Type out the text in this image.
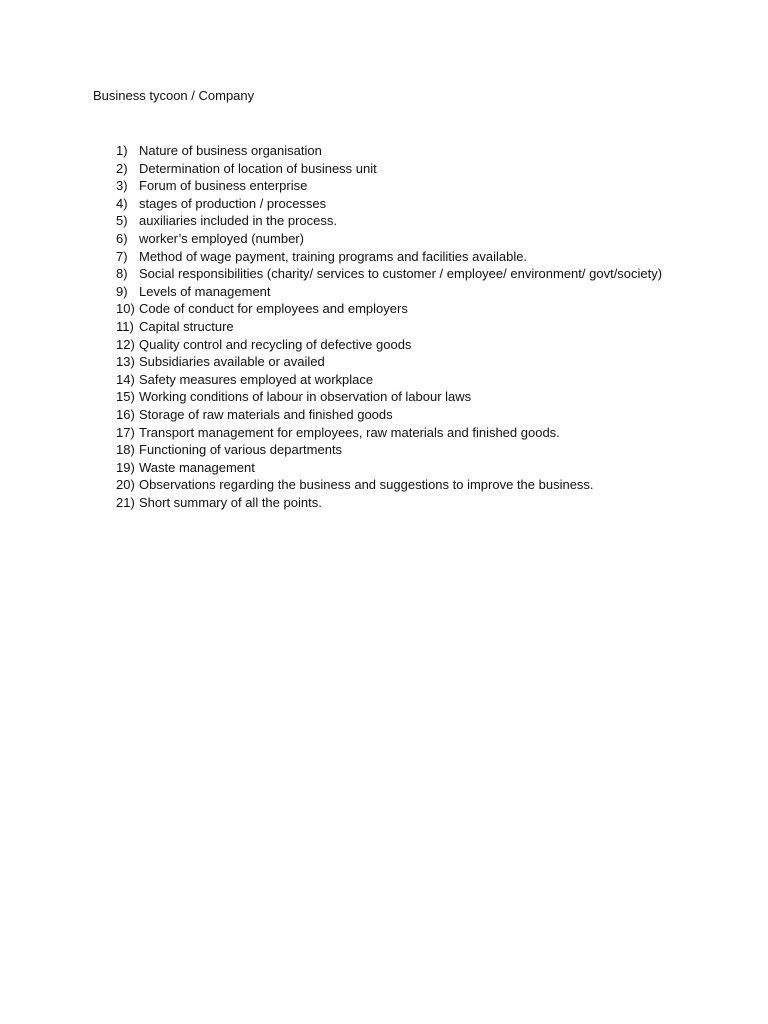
Business tycoon / Company
1) Nature of business organisation
2) Determination of location of business unit
3) Forum of business enterprise
4) stages of production / processes
5) auxiliaries included in the process.
6) worker’s employed (number)
7) Method of wage payment, training programs and facilities available.
8) Social responsibilities (charity/ services to customer / employee/ environment/ govt/society)
9) Levels of management
10) Code of conduct for employees and employers
11) Capital structure
12) Quality control and recycling of defective goods
13) Subsidiaries available or availed
14) Safety measures employed at workplace
15) Working conditions of labour in observation of labour laws
16) Storage of raw materials and finished goods
17) Transport management for employees, raw materials and finished goods.
18) Functioning of various departments
19) Waste management
20) Observations regarding the business and suggestions to improve the business.
21) Short summary of all the points.
